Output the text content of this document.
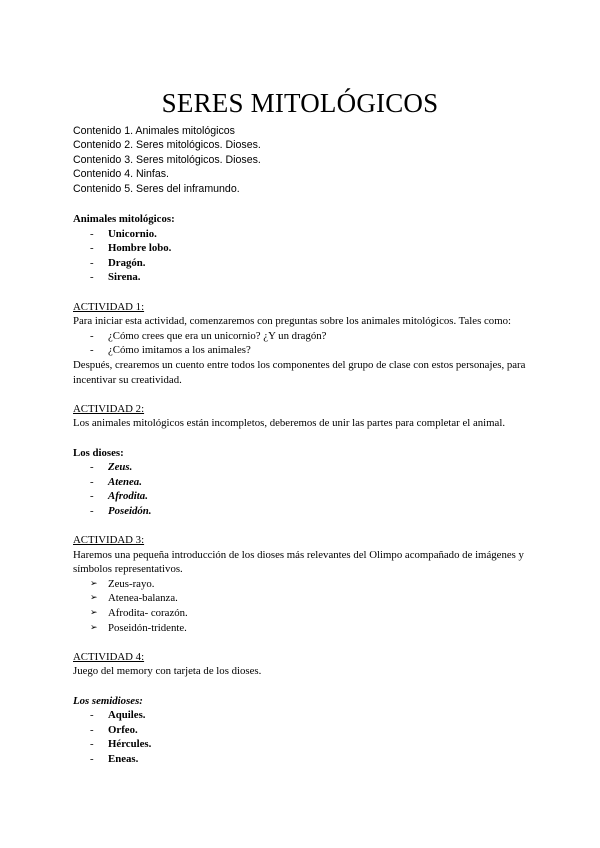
SERES MITOLÓGICOS
Contenido 1. Animales mitológicos
Contenido 2. Seres mitológicos. Dioses.
Contenido 3. Seres mitológicos. Dioses.
Contenido 4. Ninfas.
Contenido 5. Seres del inframundo.
Animales mitológicos:
- Unicornio.
- Hombre lobo.
- Dragón.
- Sirena.
ACTIVIDAD 1:

Para iniciar esta actividad, comenzaremos con preguntas sobre los animales mitológicos. Tales como:

- ¿Cómo crees que era un unicornio? ¿Y un dragón?
- ¿Cómo imitamos a los animales?

Después, crearemos un cuento entre todos los componentes del grupo de clase con estos personajes, para incentivar su creatividad.

ACTIVIDAD 2:

Los animales mitológicos están incompletos, deberemos de unir las partes para completar el animal.

Los dioses:
- Zeus.
- Atenea.
- Afrodita.
- Poseidón.
ACTIVIDAD 3:

Haremos una pequeña introducción de los dioses más relevantes del Olimpo acompañado de imágenes y símbolos representativos.

➢ Zeus-rayo.
➢ Atenea-balanza.
➢ Afrodita- corazón.
➢ Poseidón-tridente.
ACTIVIDAD 4:

Juego del memory con tarjeta de los dioses.

Los semidioses:
- Aquiles.
- Orfeo.
- Hércules.
- Eneas.
